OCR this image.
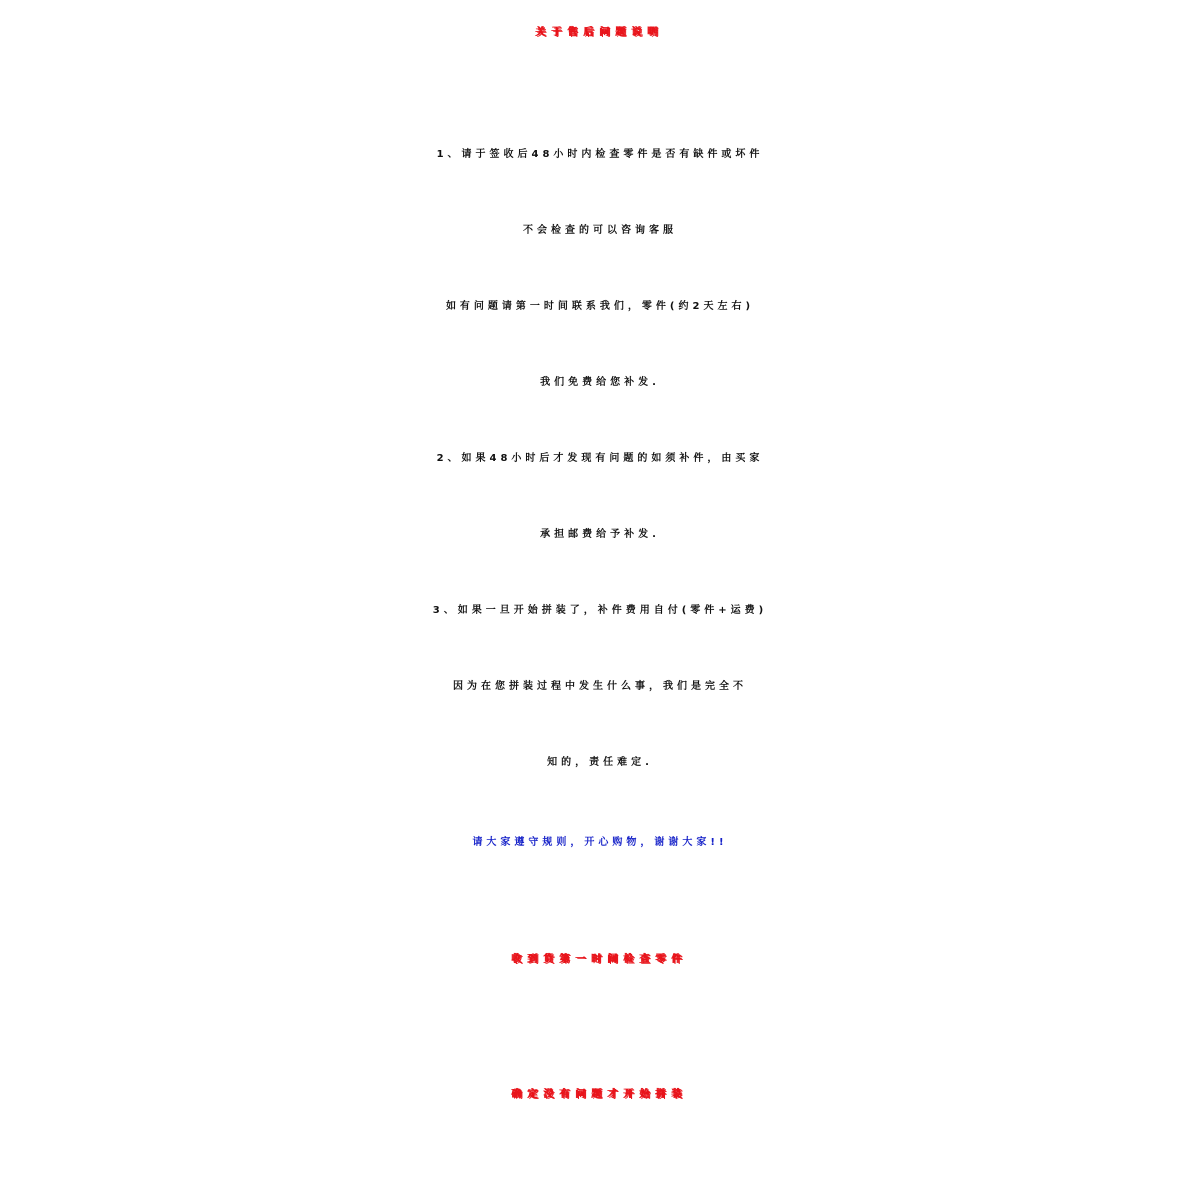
关于售后问题说明
1、请于签收后48小时内检查零件是否有缺件或坏件
不会检查的可以咨询客服
如有问题请第一时间联系我们，零件(约2天左右)
我们免费给您补发.
2、如果48小时后才发现有问题的如须补件，由买家
承担邮费给予补发.
3、如果一旦开始拼装了，补件费用自付(零件+运费)
因为在您拼装过程中发生什么事，我们是完全不
知的，责任难定.
请大家遵守规则，开心购物，谢谢大家!!
收到货第一时间检查零件
确定没有问题才开始拼装
